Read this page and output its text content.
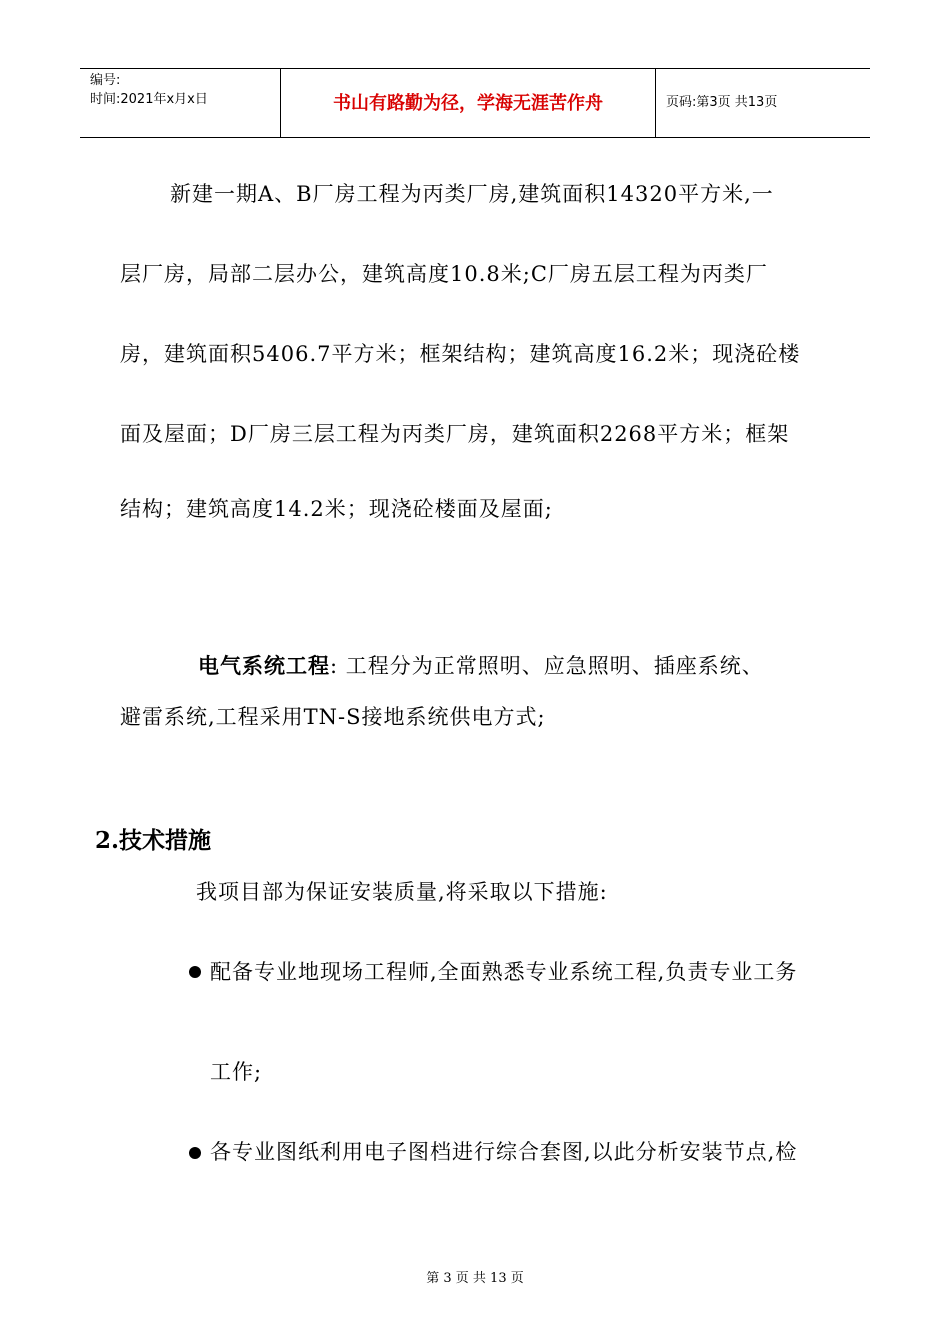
编号:
时间:2021年x月x日	书山有路勤为径，学海无涯苦作舟	页码:第3页 共13页
新建一期A、B厂房工程为丙类厂房,建筑面积14320平方米,一
层厂房，局部二层办公，建筑高度10.8米;C厂房五层工程为丙类厂
房，建筑面积5406.7平方米；框架结构；建筑高度16.2米；现浇砼楼
面及屋面；D厂房三层工程为丙类厂房，建筑面积2268平方米；框架
结构；建筑高度14.2米；现浇砼楼面及屋面;
电气系统工程: 工程分为正常照明、应急照明、插座系统、
避雷系统,工程采用TN-S接地系统供电方式;
2.技术措施
我项目部为保证安装质量,将采取以下措施:
配备专业地现场工程师,全面熟悉专业系统工程,负责专业工务
工作;
各专业图纸利用电子图档进行综合套图,以此分析安装节点,检
第 3 页 共 13 页
